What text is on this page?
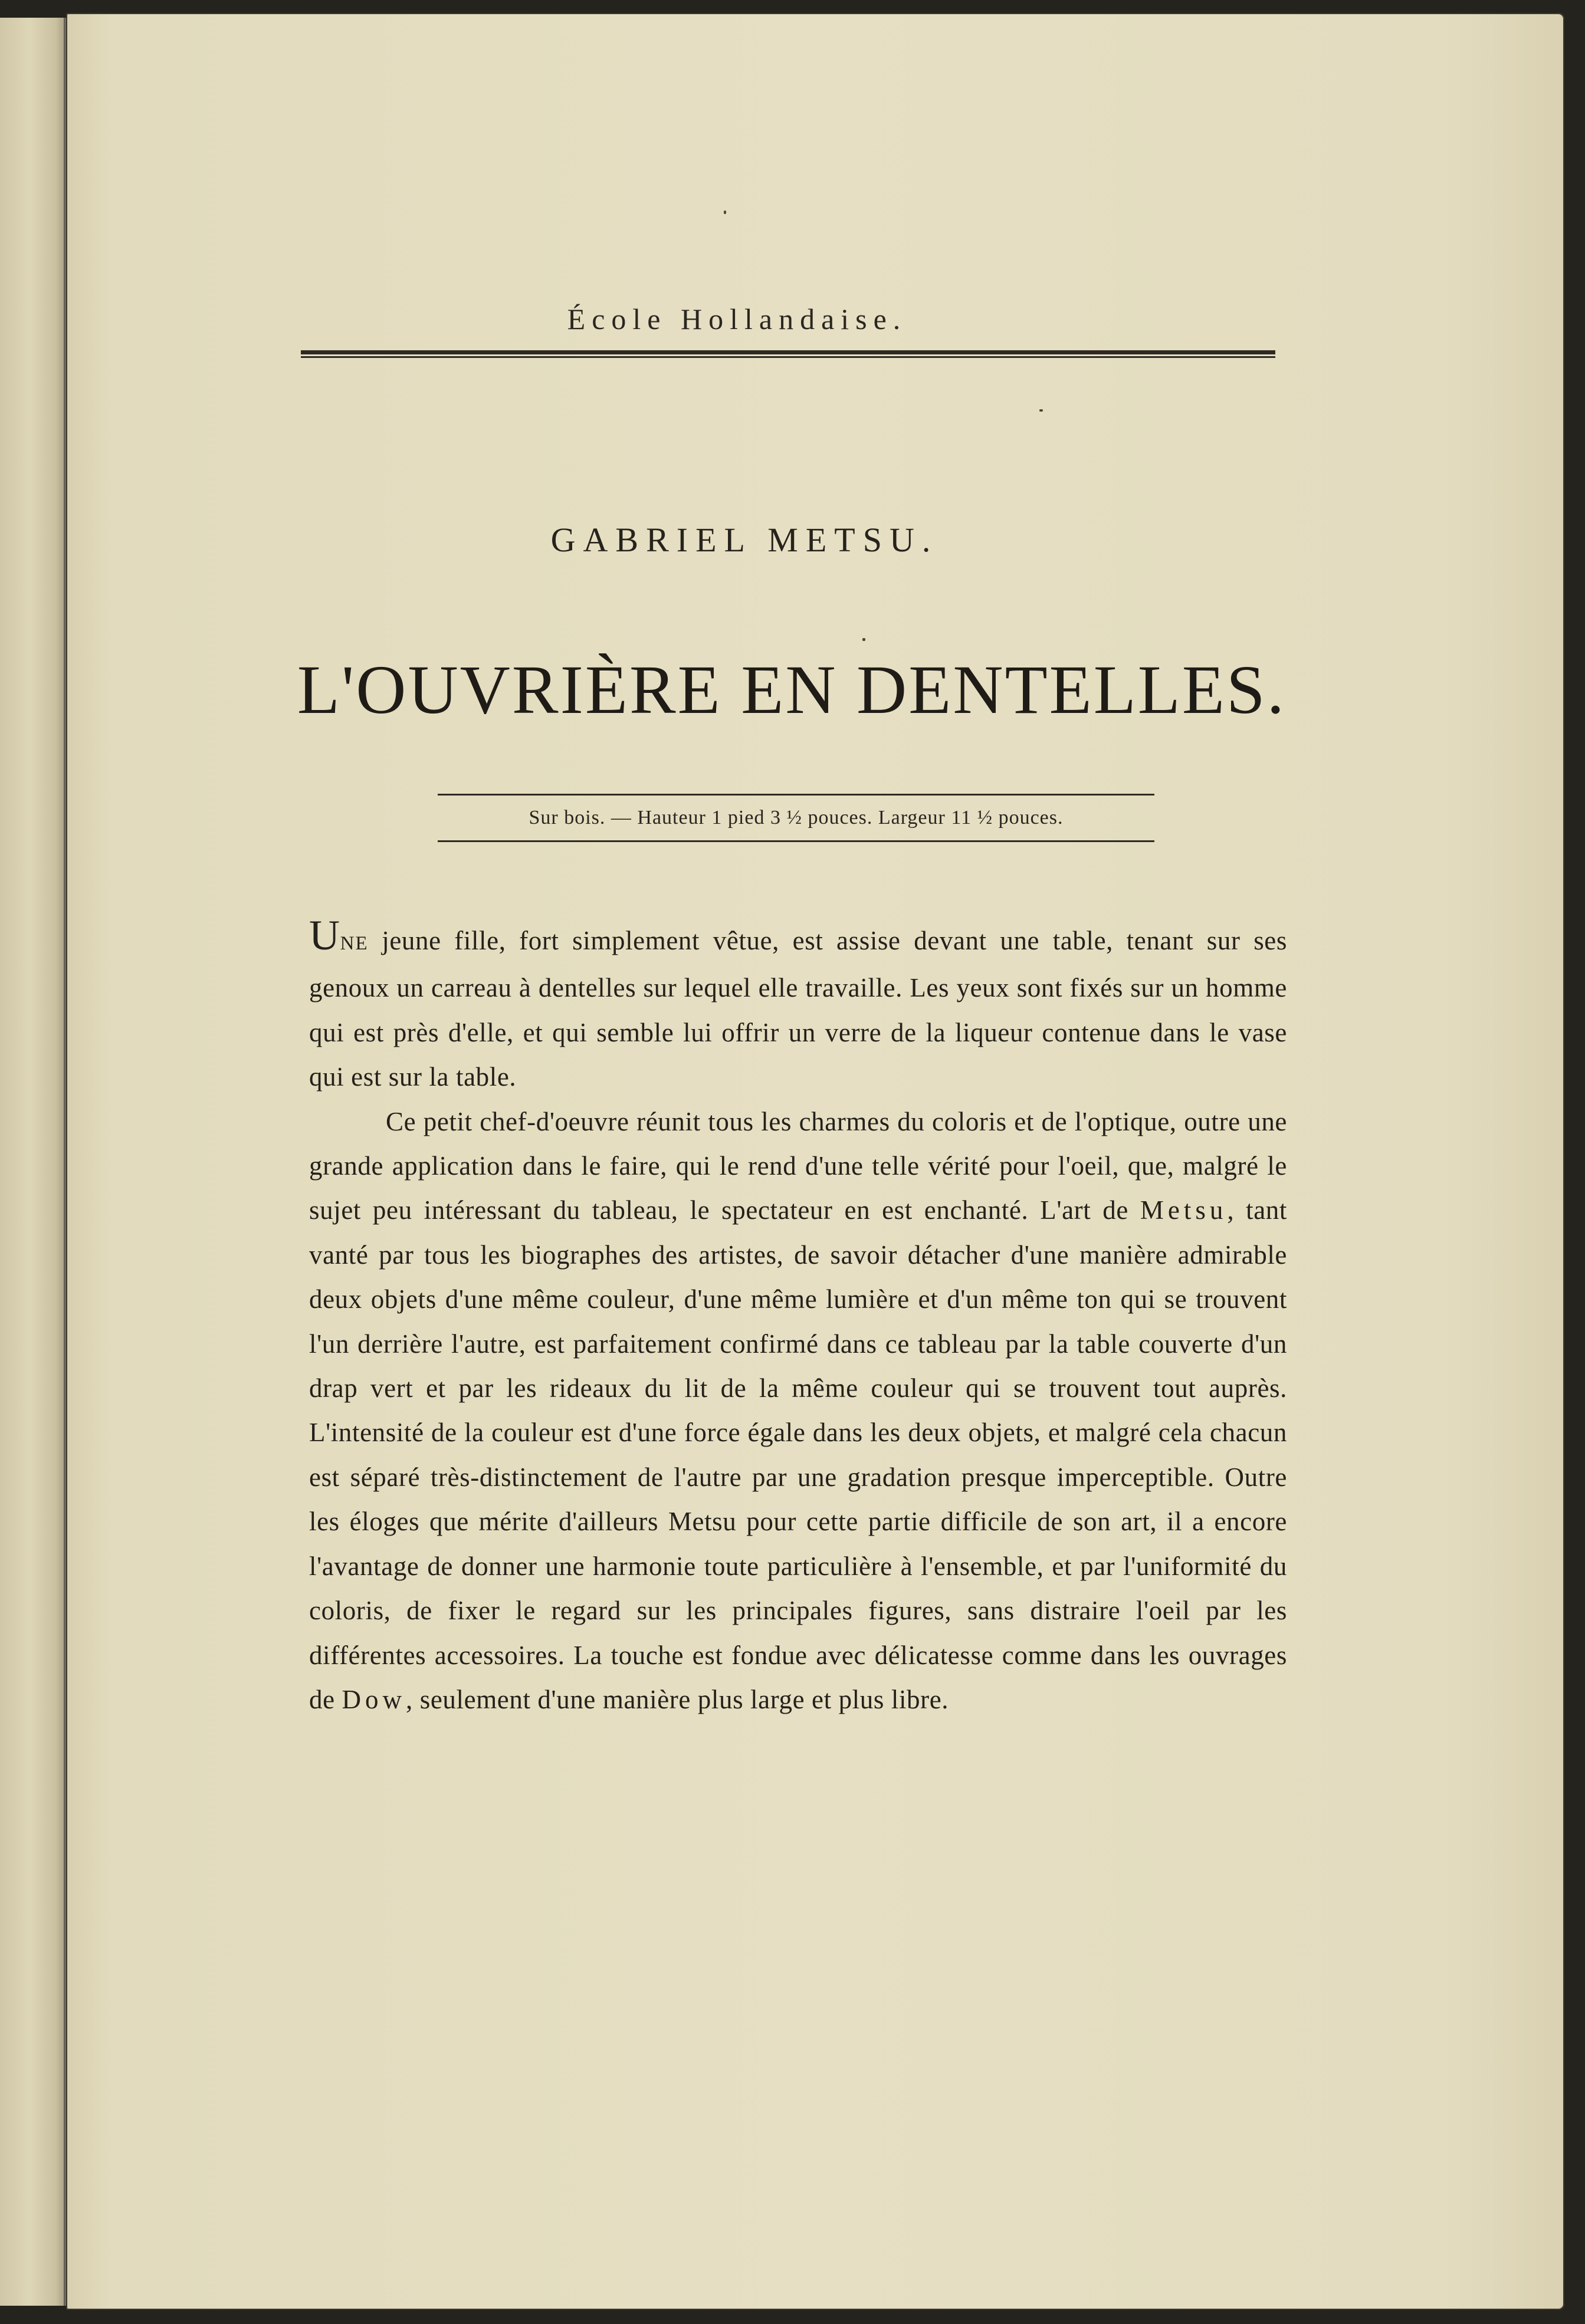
École Hollandaise.
GABRIEL METSU.
L'OUVRIÈRE EN DENTELLES.
Sur bois. — Hauteur 1 pied 3 ½ pouces. Largeur 11 ½ pouces.

UNE jeune fille, fort simplement vêtue, est assise devant une table, tenant sur ses genoux un carreau à dentelles sur lequel elle travaille. Les yeux sont fixés sur un homme qui est près d'elle, et qui semble lui offrir un verre de la liqueur contenue dans le vase qui est sur la table.

Ce petit chef-d'oeuvre réunit tous les charmes du coloris et de l'optique, outre une grande application dans le faire, qui le rend d'une telle vérité pour l'oeil, que, malgré le sujet peu intéressant du tableau, le spectateur en est enchanté. L'art de Metsu, tant vanté par tous les biographes des artistes, de savoir détacher d'une manière admirable deux objets d'une même couleur, d'une même lumière et d'un même ton qui se trouvent l'un derrière l'autre, est parfaitement confirmé dans ce tableau par la table couverte d'un drap vert et par les rideaux du lit de la même couleur qui se trouvent tout auprès. L'intensité de la couleur est d'une force égale dans les deux objets, et malgré cela chacun est séparé très-distinctement de l'autre par une gradation presque imperceptible. Outre les éloges que mérite d'ailleurs Metsu pour cette partie difficile de son art, il a encore l'avantage de donner une harmonie toute particulière à l'ensemble, et par l'uniformité du coloris, de fixer le regard sur les principales figures, sans distraire l'oeil par les différentes accessoires. La touche est fondue avec délicatesse comme dans les ouvrages de Dow, seulement d'une manière plus large et plus libre.
